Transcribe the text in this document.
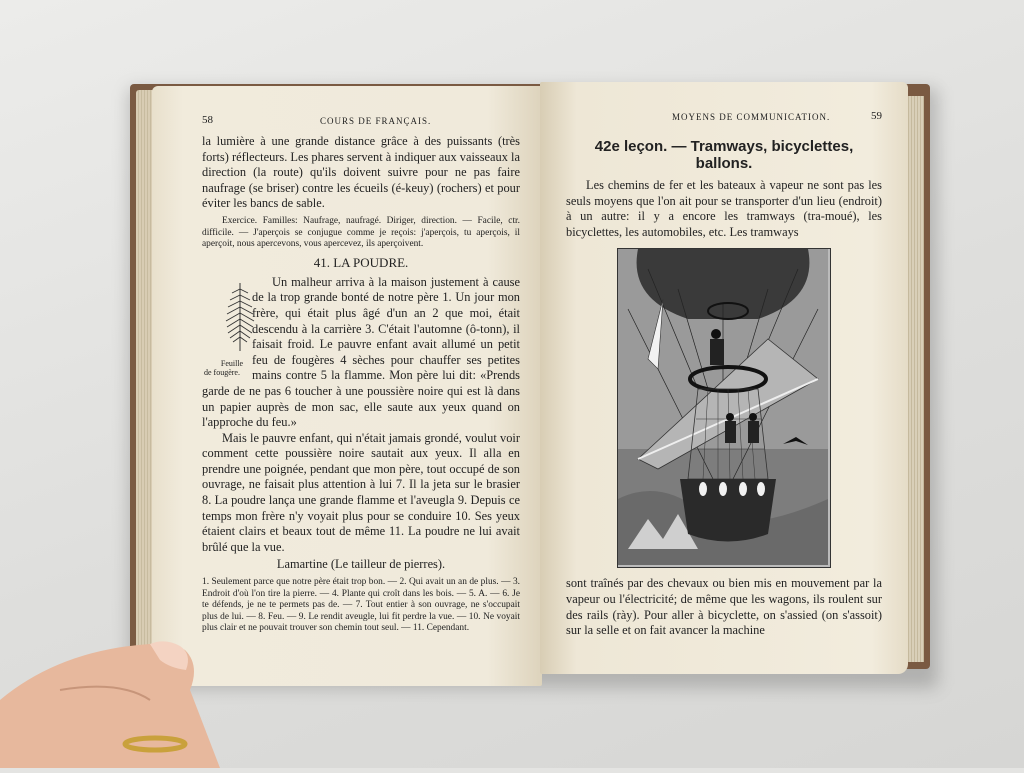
58	COURS DE FRANÇAIS.

la lumière à une grande distance grâce à des puissants (très forts) réflecteurs. Les phares servent à indiquer aux vaisseaux la direction (la route) qu'ils doivent suivre pour ne pas faire naufrage (se briser) contre les écueils (é-keuy) (rochers) et pour éviter les bancs de sable.

Exercice. Familles: Naufrage, naufragé. Diriger, direction. — Facile, ctr. difficile. — J'aperçois se conjugue comme je reçois: j'aperçois, tu aperçois, il aperçoit, nous apercevons, vous apercevez, ils aperçoivent.

41. LA POUDRE.

Feuille de fougère.
Un malheur arriva à la maison justement à cause de la trop grande bonté de notre père 1. Un jour mon frère, qui était plus âgé d'un an 2 que moi, était descendu à la carrière 3. C'était l'automne (ô-tonn), il faisait froid. Le pauvre enfant avait allumé un petit feu de fougères 4 sèches pour chauffer ses petites mains contre 5 la flamme. Mon père lui dit: «Prends garde de ne pas 6 toucher à une poussière noire qui est là dans un papier auprès de mon sac, elle saute aux yeux quand on l'approche du feu.»

Mais le pauvre enfant, qui n'était jamais grondé, voulut voir comment cette poussière noire sautait aux yeux. Il alla en prendre une poignée, pendant que mon père, tout occupé de son ouvrage, ne faisait plus attention à lui 7. Il la jeta sur le brasier 8. La poudre lança une grande flamme et l'aveugla 9. Depuis ce temps mon frère n'y voyait plus pour se conduire 10. Ses yeux étaient clairs et beaux tout de même 11. La poudre ne lui avait brûlé que la vue.

Lamartine (Le tailleur de pierres).

1. Seulement parce que notre père était trop bon. — 2. Qui avait un an de plus. — 3. Endroit d'où l'on tire la pierre. — 4. Plante qui croît dans les bois. — 5. A. — 6. Je te défends, je ne te permets pas de. — 7. Tout entier à son ouvrage, ne s'occupait plus de lui. — 8. Feu. — 9. Le rendit aveugle, lui fit perdre la vue. — 10. Ne voyait plus clair et ne pouvait trouver son chemin tout seul. — 11. Cependant.

MOYENS DE COMMUNICATION.	59
42e leçon. — Tramways, bicyclettes, ballons.

Les chemins de fer et les bateaux à vapeur ne sont pas les seuls moyens que l'on ait pour se transporter d'un lieu (endroit) à un autre: il y a encore les tramways (tra-moué), les bicyclettes, les automobiles, etc. Les tramways

sont traînés par des chevaux ou bien mis en mouvement par la vapeur ou l'électricité; de même que les wagons, ils roulent sur des rails (rày). Pour aller à bicyclette, on s'assied (on s'assoit) sur la selle et on fait avancer la machine
